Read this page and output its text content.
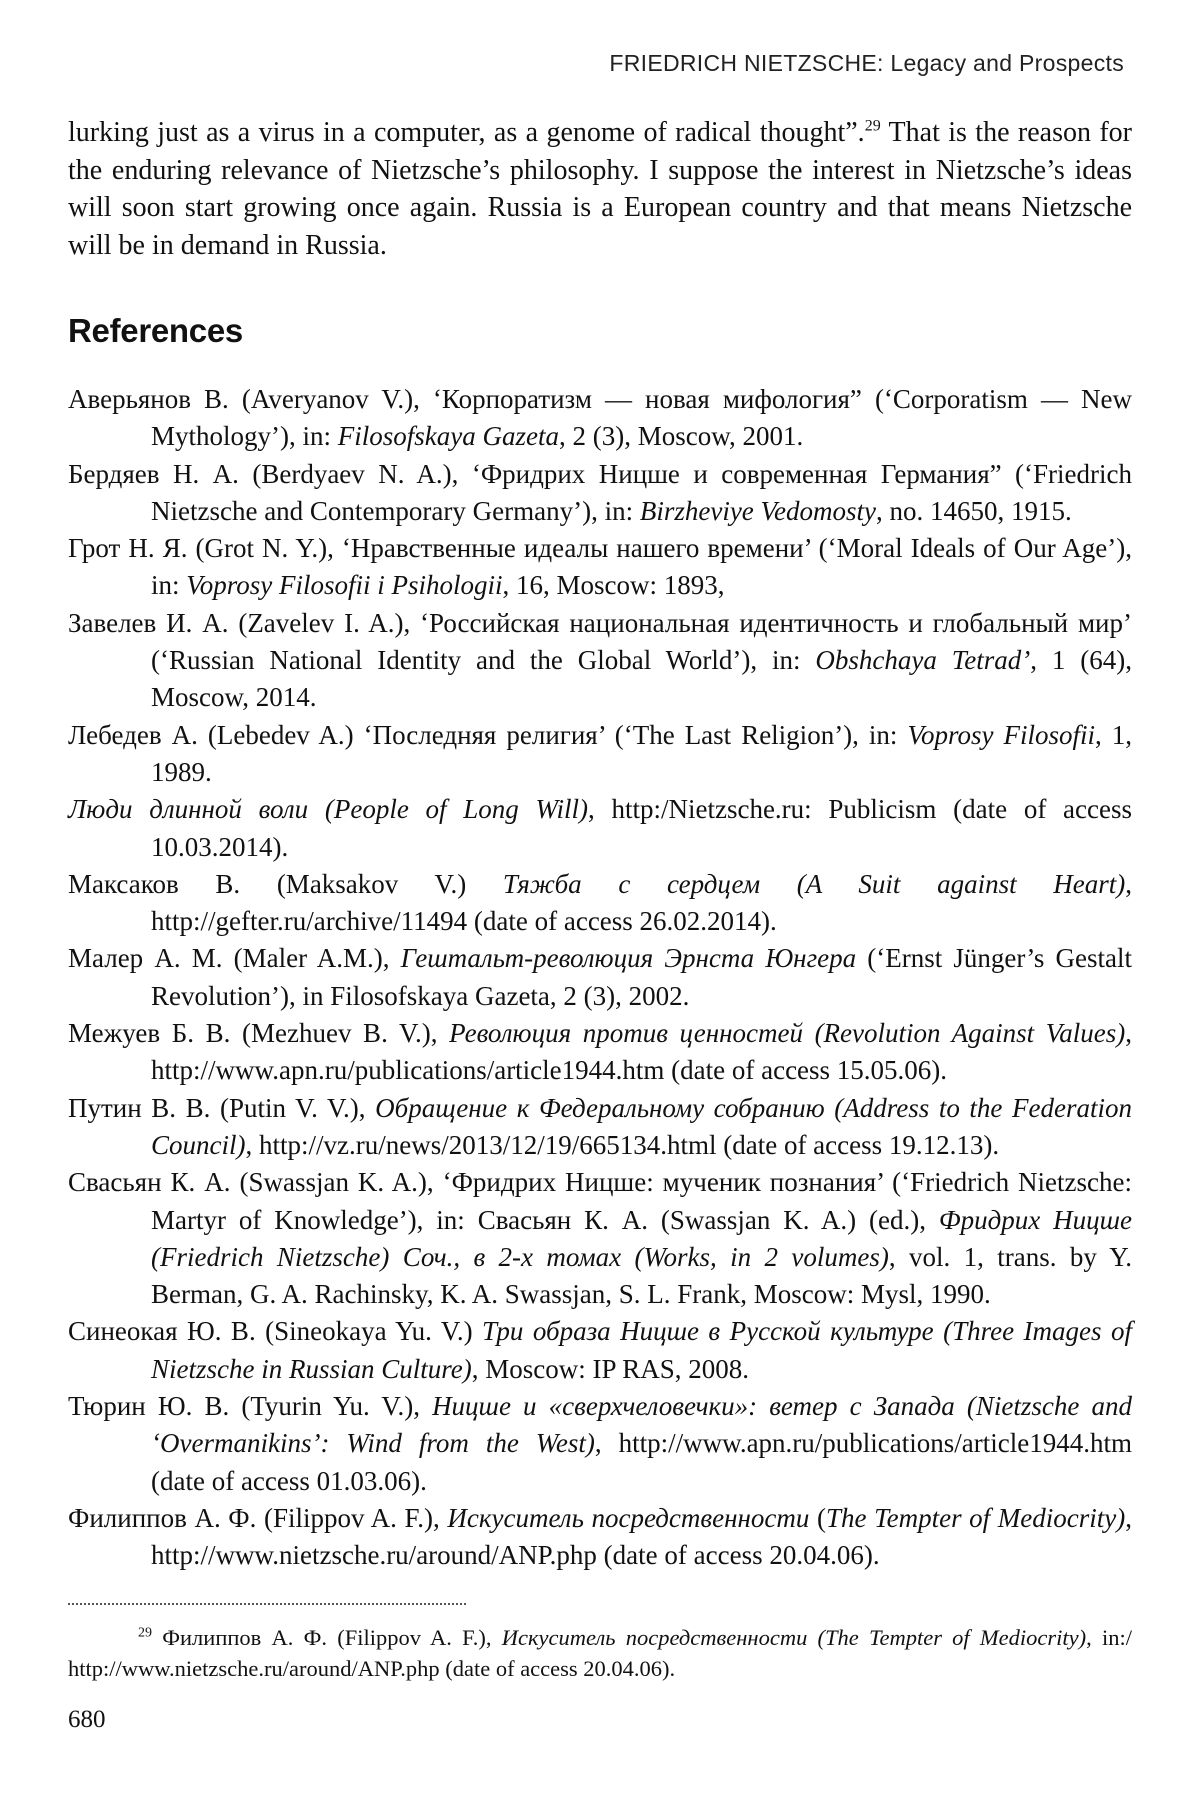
FRIEDRICH NIETZSCHE: Legacy and Prospects

lurking just as a virus in a computer, as a genome of radical thought”.$^{29}$ That is the reason for the enduring relevance of Nietzsche’s philosophy. I suppose the interest in Nietzsche’s ideas will soon start growing once again. Russia is a European country and that means Nietzsche will be in demand in Russia.

References
Аверьянов В. (Averyanov V.), ‘Корпоратизм — новая мифология” (‘Corporatism — New Mythology’), in: Filosofskaya Gazeta, 2 (3), Moscow, 2001.
Бердяев Н. А. (Berdyaev N. A.), ‘Фридрих Ницше и современная Германия” (‘Friedrich Nietzsche and Contemporary Germany’), in: Birzheviye Vedomosty, no. 14650, 1915.
Грот Н. Я. (Grot N. Y.), ‘Нравственные идеалы нашего времени’ (‘Moral Ideals of Our Age’), in: Voprosy Filosofii i Psihologii, 16, Moscow: 1893,
Завелев И. А. (Zavelev I. A.), ‘Российская национальная идентичность и глобальный мир’ (‘Russian National Identity and the Global World’), in: Obshchaya Tetrad’, 1 (64), Moscow, 2014.
Лебедев А. (Lebedev A.) ‘Последняя религия’ (‘The Last Religion’), in: Voprosy Filosofii, 1, 1989.
Люди длинной воли (People of Long Will), http:/Nietzsche.ru: Publicism (date of access 10.03.2014).
Максаков В. (Maksakov V.) Тяжба с сердцем (A Suit against Heart), http://gefter.ru/archive/11494 (date of access 26.02.2014).
Малер А. М. (Maler A.M.), Гештальт-революция Эрнста Юнгера (‘Ernst Jünger’s Gestalt Revolution’), in Filosofskaya Gazeta, 2 (3), 2002.
Межуев Б. В. (Mezhuev B. V.), Революция против ценностей (Revolution Against Values), http://www.apn.ru/publications/article1944.htm (date of access 15.05.06).
Путин В. В. (Putin V. V.), Обращение к Федеральному собранию (Address to the Federation Council), http://vz.ru/news/2013/12/19/665134.html (date of access 19.12.13).
Свасьян К. А. (Swassjan K. A.), ‘Фридрих Ницше: мученик познания’ (‘Friedrich Nietzsche: Martyr of Knowledge’), in: Свасьян К. А. (Swassjan K. A.) (ed.), Фридрих Ницше (Friedrich Nietzsche) Соч., в 2-х томах (Works, in 2 volumes), vol. 1, trans. by Y. Berman, G. A. Rachinsky, K. A. Swassjan, S. L. Frank, Moscow: Mysl, 1990.
Синеокая Ю. В. (Sineokaya Yu. V.) Три образа Ницше в Русской культуре (Three Images of Nietzsche in Russian Culture), Moscow: IP RAS, 2008.
Тюрин Ю. В. (Tyurin Yu. V.), Ницше и «сверхчеловечки»: ветер с Запада (Nietzsche and ‘Overmanikins’: Wind from the West), http://www.apn.ru/publications/article1944.htm (date of access 01.03.06).
Филиппов А. Ф. (Filippov A. F.), Искуситель посредственности (The Tempter of Mediocrity), http://www.nietzsche.ru/around/ANP.php (date of access 20.04.06).

$^{29}$ Филиппов А. Ф. (Filippov A. F.), Искуситель посредственности (The Tempter of Mediocrity), in:/ http://www.nietzsche.ru/around/ANP.php (date of access 20.04.06).

680
